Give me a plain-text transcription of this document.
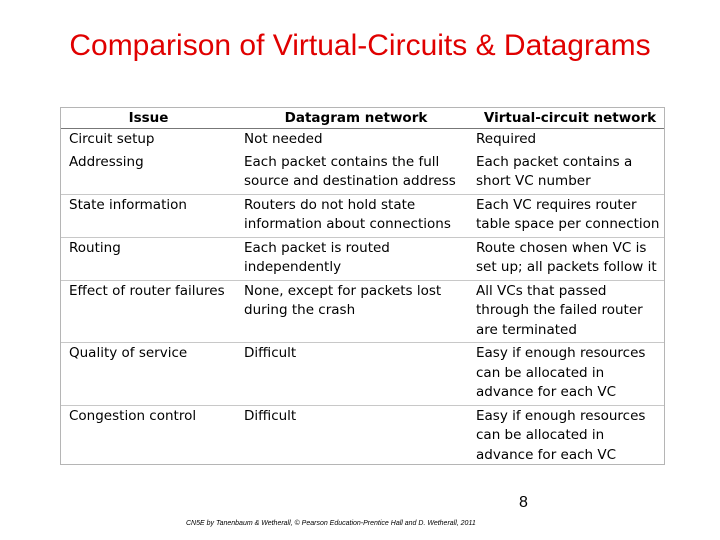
Comparison of Virtual-Circuits & Datagrams
Issue	Datagram network	Virtual-circuit network
Circuit setup	Not needed	Required
Addressing	Each packet contains the full source and destination address	Each packet contains a short VC number
State information	Routers do not hold state information about connections	Each VC requires router table space per connection
Routing	Each packet is routed independently	Route chosen when VC is set up; all packets follow it
Effect of router failures	None, except for packets lost during the crash	All VCs that passed through the failed router are terminated
Quality of service	Difficult	Easy if enough resources can be allocated in advance for each VC
Congestion control	Difficult	Easy if enough resources can be allocated in advance for each VC
8
CN5E by Tanenbaum & Wetherall, © Pearson Education-Prentice Hall and D. Wetherall, 2011
